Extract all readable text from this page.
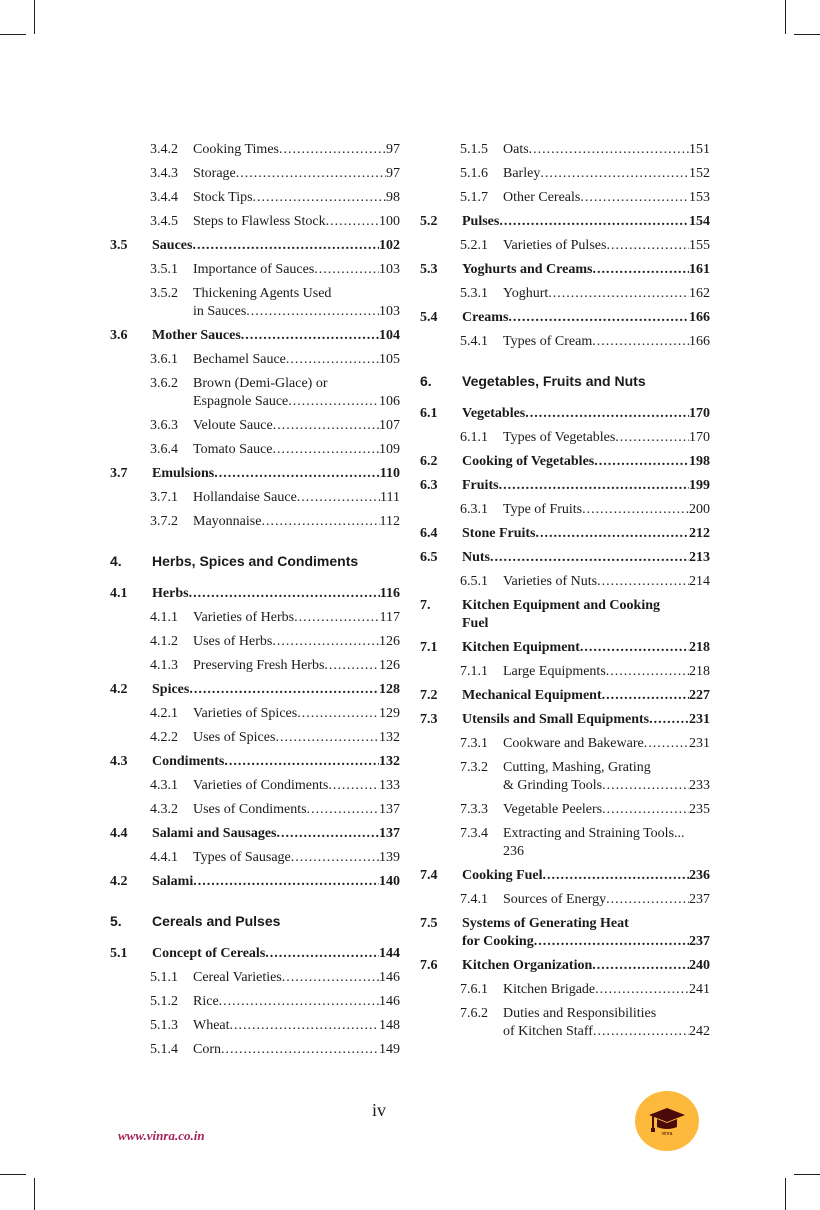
3.4.2 Cooking Times .....	97
3.4.3 Storage .....	97
3.4.4 Stock Tips .....	98
3.4.5 Steps to Flawless Stock .....	100
3.5 Sauces .....	102
3.5.1 Importance of Sauces .....	103
3.5.2 Thickening Agents Used
in Sauces .....	103
3.6 Mother Sauces .....	104
3.6.1 Bechamel Sauce .....	105
3.6.2 Brown (Demi-Glace) or
Espagnole Sauce .....	106
3.6.3 Veloute Sauce .....	107
3.6.4 Tomato Sauce .....	109
3.7 Emulsions .....	110
3.7.1 Hollandaise Sauce .....	111
3.7.2 Mayonnaise .....	112
4. Herbs, Spices and Condiments
4.1 Herbs .....	116
4.1.1 Varieties of Herbs .....	117
4.1.2 Uses of Herbs .....	126
4.1.3 Preserving Fresh Herbs .....	126
4.2 Spices .....	128
4.2.1 Varieties of Spices .....	129
4.2.2 Uses of Spices .....	132
4.3 Condiments .....	132
4.3.1 Varieties of Condiments .....	133
4.3.2 Uses of Condiments .....	137
4.4 Salami and Sausages .....	137
4.4.1 Types of Sausage .....	139
4.2 Salami .....	140
5. Cereals and Pulses
5.1 Concept of Cereals .....	144
5.1.1 Cereal Varieties .....	146
5.1.2 Rice .....	146
5.1.3 Wheat .....	148
5.1.4 Corn .....	149
5.1.5 Oats .....	151
5.1.6 Barley .....	152
5.1.7 Other Cereals .....	153
5.2 Pulses .....	154
5.2.1 Varieties of Pulses .....	155
5.3 Yoghurts and Creams .....	161
5.3.1 Yoghurt .....	162
5.4 Creams .....	166
5.4.1 Types of Cream .....	166
6. Vegetables, Fruits and Nuts
6.1 Vegetables .....	170
6.1.1 Types of Vegetables .....	170
6.2 Cooking of Vegetables .....	198
6.3 Fruits .....	199
6.3.1 Type of Fruits .....	200
6.4 Stone Fruits .....	212
6.5 Nuts .....	213
6.5.1 Varieties of Nuts .....	214
7. Kitchen Equipment and Cooking
Fuel
7.1 Kitchen Equipment .....	218
7.1.1 Large Equipments .....	218
7.2 Mechanical Equipment .....	227
7.3 Utensils and Small Equipments .....	231
7.3.1 Cookware and Bakeware .....	231
7.3.2 Cutting, Mashing, Grating
& Grinding Tools .....	233
7.3.3 Vegetable Peelers .....	235
7.3.4 Extracting and Straining Tools...
236
7.4 Cooking Fuel .....	236
7.4.1 Sources of Energy .....	237
7.5 Systems of Generating Heat
for Cooking .....	237
7.6 Kitchen Organization .....	240
7.6.1 Kitchen Brigade .....	241
7.6.2 Duties and Responsibilities
of Kitchen Staff .....	242
iv
www.vinra.co.in	vinra
